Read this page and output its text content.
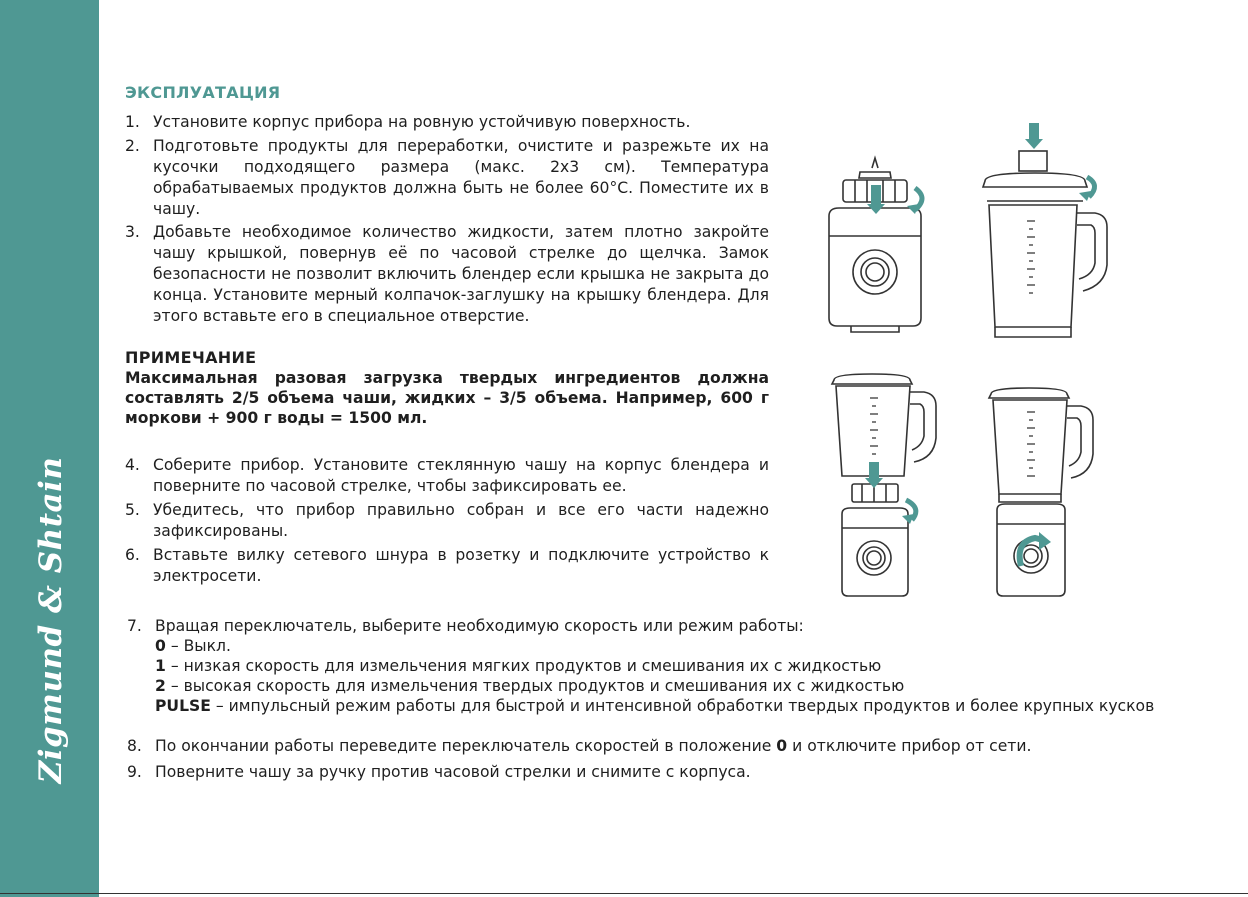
Zigmund & Shtain
ЭКСПЛУАТАЦИЯ
1. Установите корпус прибора на ровную устойчивую поверхность.
2. Подготовьте продукты для переработки, очистите и разрежьте их на кусочки подходящего размера (макс. 2х3 см). Температура обрабатываемых продуктов должна быть не более 60°С. Поместите их в чашу.
3. Добавьте необходимое количество жидкости, затем плотно закройте чашу крышкой, повернув её по часовой стрелке до щелчка. Замок безопасности не позволит включить блендер если крышка не закрыта до конца. Установите мерный колпачок-заглушку на крышку блендера. Для этого вставьте его в специальное отверстие.
ПРИМЕЧАНИЕ
Максимальная разовая загрузка твердых ингредиентов должна составлять 2/5 объема чаши, жидких – 3/5 объема. Например, 600 г моркови + 900 г воды = 1500 мл.
4. Соберите прибор. Установите стеклянную чашу на корпус блендера и поверните по часовой стрелке, чтобы зафиксировать ее.
5. Убедитесь, что прибор правильно собран и все его части надежно зафиксированы.
6. Вставьте вилку сетевого шнура в розетку и подключите устройство к электросети.
7. Вращая переключатель, выберите необходимую скорость или режим работы:
0 – Выкл.
1 – низкая скорость для измельчения мягких продуктов и смешивания их с жидкостью
2 – высокая скорость для измельчения твердых продуктов и смешивания их с жидкостью
PULSE – импульсный режим работы для быстрой и интенсивной обработки твердых продуктов и более крупных кусков
8. По окончании работы переведите переключатель скоростей в положение 0 и отключите прибор от сети.
9. Поверните чашу за ручку против часовой стрелки и снимите с корпуса.
